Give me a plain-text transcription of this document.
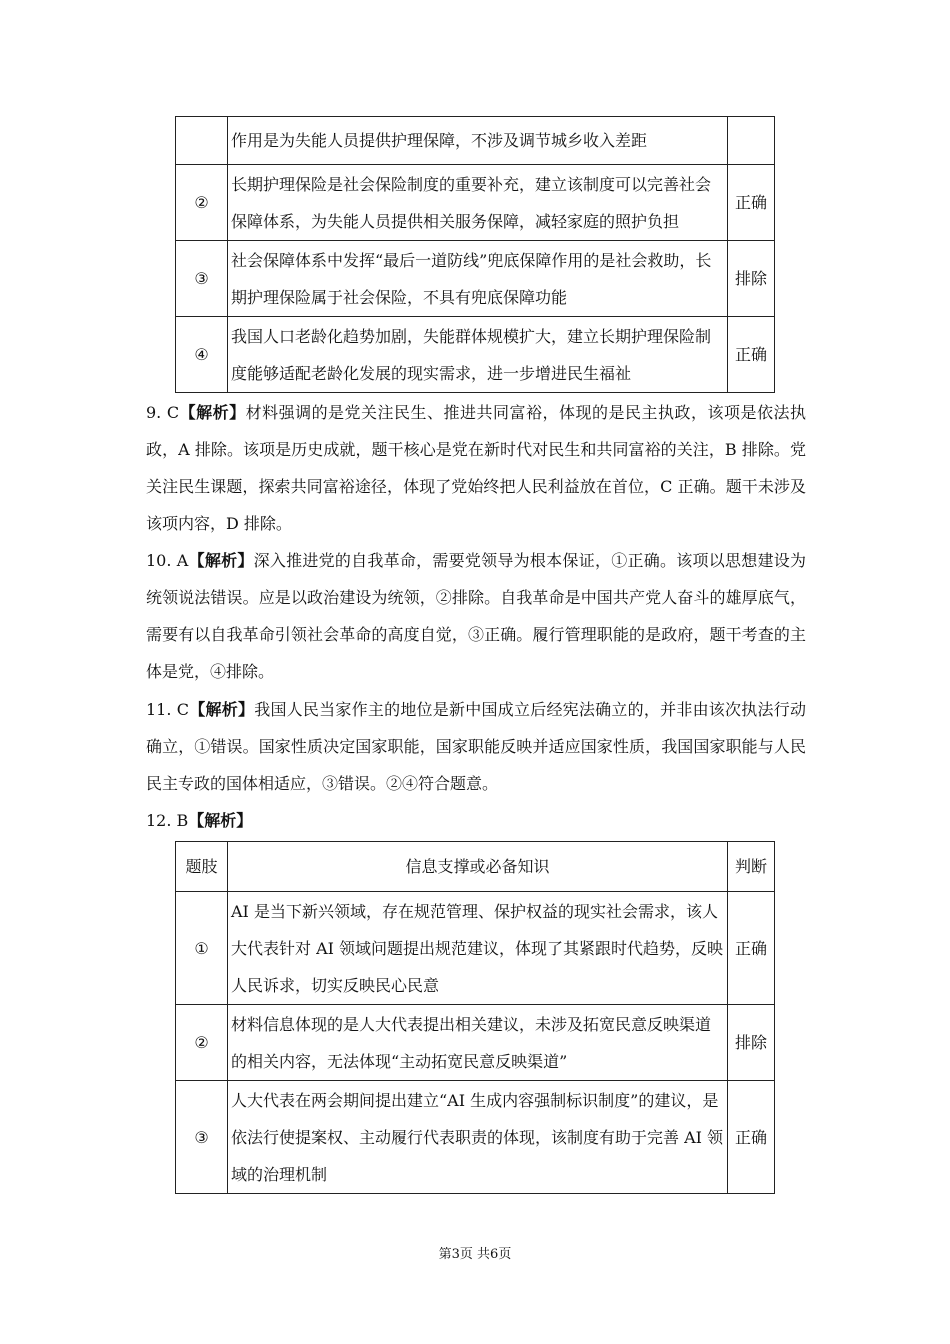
	作用是为失能人员提供护理保障，不涉及调节城乡收入差距	
②	长期护理保险是社会保险制度的重要补充，建立该制度可以完善社会保障体系，为失能人员提供相关服务保障，减轻家庭的照护负担	正确
③	社会保障体系中发挥“最后一道防线”兜底保障作用的是社会救助，长期护理保险属于社会保险，不具有兜底保障功能	排除
④	我国人口老龄化趋势加剧，失能群体规模扩大，建立长期护理保险制度能够适配老龄化发展的现实需求，进一步增进民生福祉	正确
9. C【解析】材料强调的是党关注民生、推进共同富裕，体现的是民主执政，该项是依法执政，A 排除。该项是历史成就，题干核心是党在新时代对民生和共同富裕的关注，B 排除。党关注民生课题，探索共同富裕途径，体现了党始终把人民利益放在首位，C 正确。题干未涉及该项内容，D 排除。
10. A【解析】深入推进党的自我革命，需要党领导为根本保证，①正确。该项以思想建设为统领说法错误。应是以政治建设为统领，②排除。自我革命是中国共产党人奋斗的雄厚底气，需要有以自我革命引领社会革命的高度自觉，③正确。履行管理职能的是政府，题干考查的主体是党，④排除。
11. C【解析】我国人民当家作主的地位是新中国成立后经宪法确立的，并非由该次执法行动确立，①错误。国家性质决定国家职能，国家职能反映并适应国家性质，我国国家职能与人民民主专政的国体相适应，③错误。②④符合题意。
12. B【解析】
题肢	信息支撑或必备知识	判断
①	AI 是当下新兴领域，存在规范管理、保护权益的现实社会需求，该人大代表针对 AI 领域问题提出规范建议，体现了其紧跟时代趋势，反映人民诉求，切实反映民心民意	正确
②	材料信息体现的是人大代表提出相关建议，未涉及拓宽民意反映渠道的相关内容，无法体现“主动拓宽民意反映渠道”	排除
③	人大代表在两会期间提出建立“AI 生成内容强制标识制度”的建议，是依法行使提案权、主动履行代表职责的体现，该制度有助于完善 AI 领域的治理机制	正确
第3页 共6页
